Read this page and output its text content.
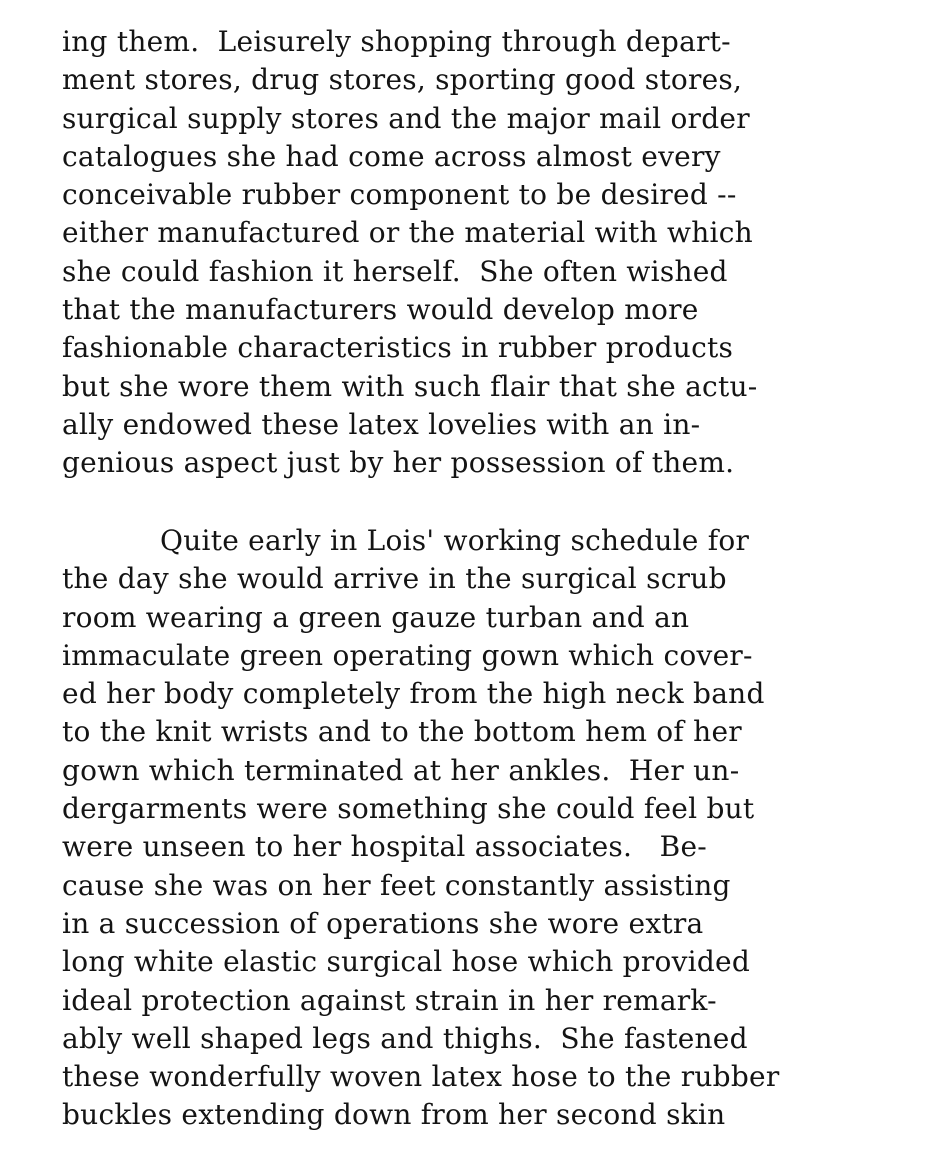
ing them.  Leisurely shopping through depart-
ment stores, drug stores, sporting good stores,
surgical supply stores and the major mail order
catalogues she had come across almost every
conceivable rubber component to be desired --
either manufactured or the material with which
she could fashion it herself.  She often wished
that the manufacturers would develop more
fashionable characteristics in rubber products
but she wore them with such flair that she actu-
ally endowed these latex lovelies with an in-
genious aspect just by her possession of them.
Quite early in Lois' working schedule for
the day she would arrive in the surgical scrub
room wearing a green gauze turban and an
immaculate green operating gown which cover-
ed her body completely from the high neck band
to the knit wrists and to the bottom hem of her
gown which terminated at her ankles.  Her un-
dergarments were something she could feel but
were unseen to her hospital associates.   Be-
cause she was on her feet constantly assisting
in a succession of operations she wore extra
long white elastic surgical hose which provided
ideal protection against strain in her remark-
ably well shaped legs and thighs.  She fastened
these wonderfully woven latex hose to the rubber
buckles extending down from her second skin
